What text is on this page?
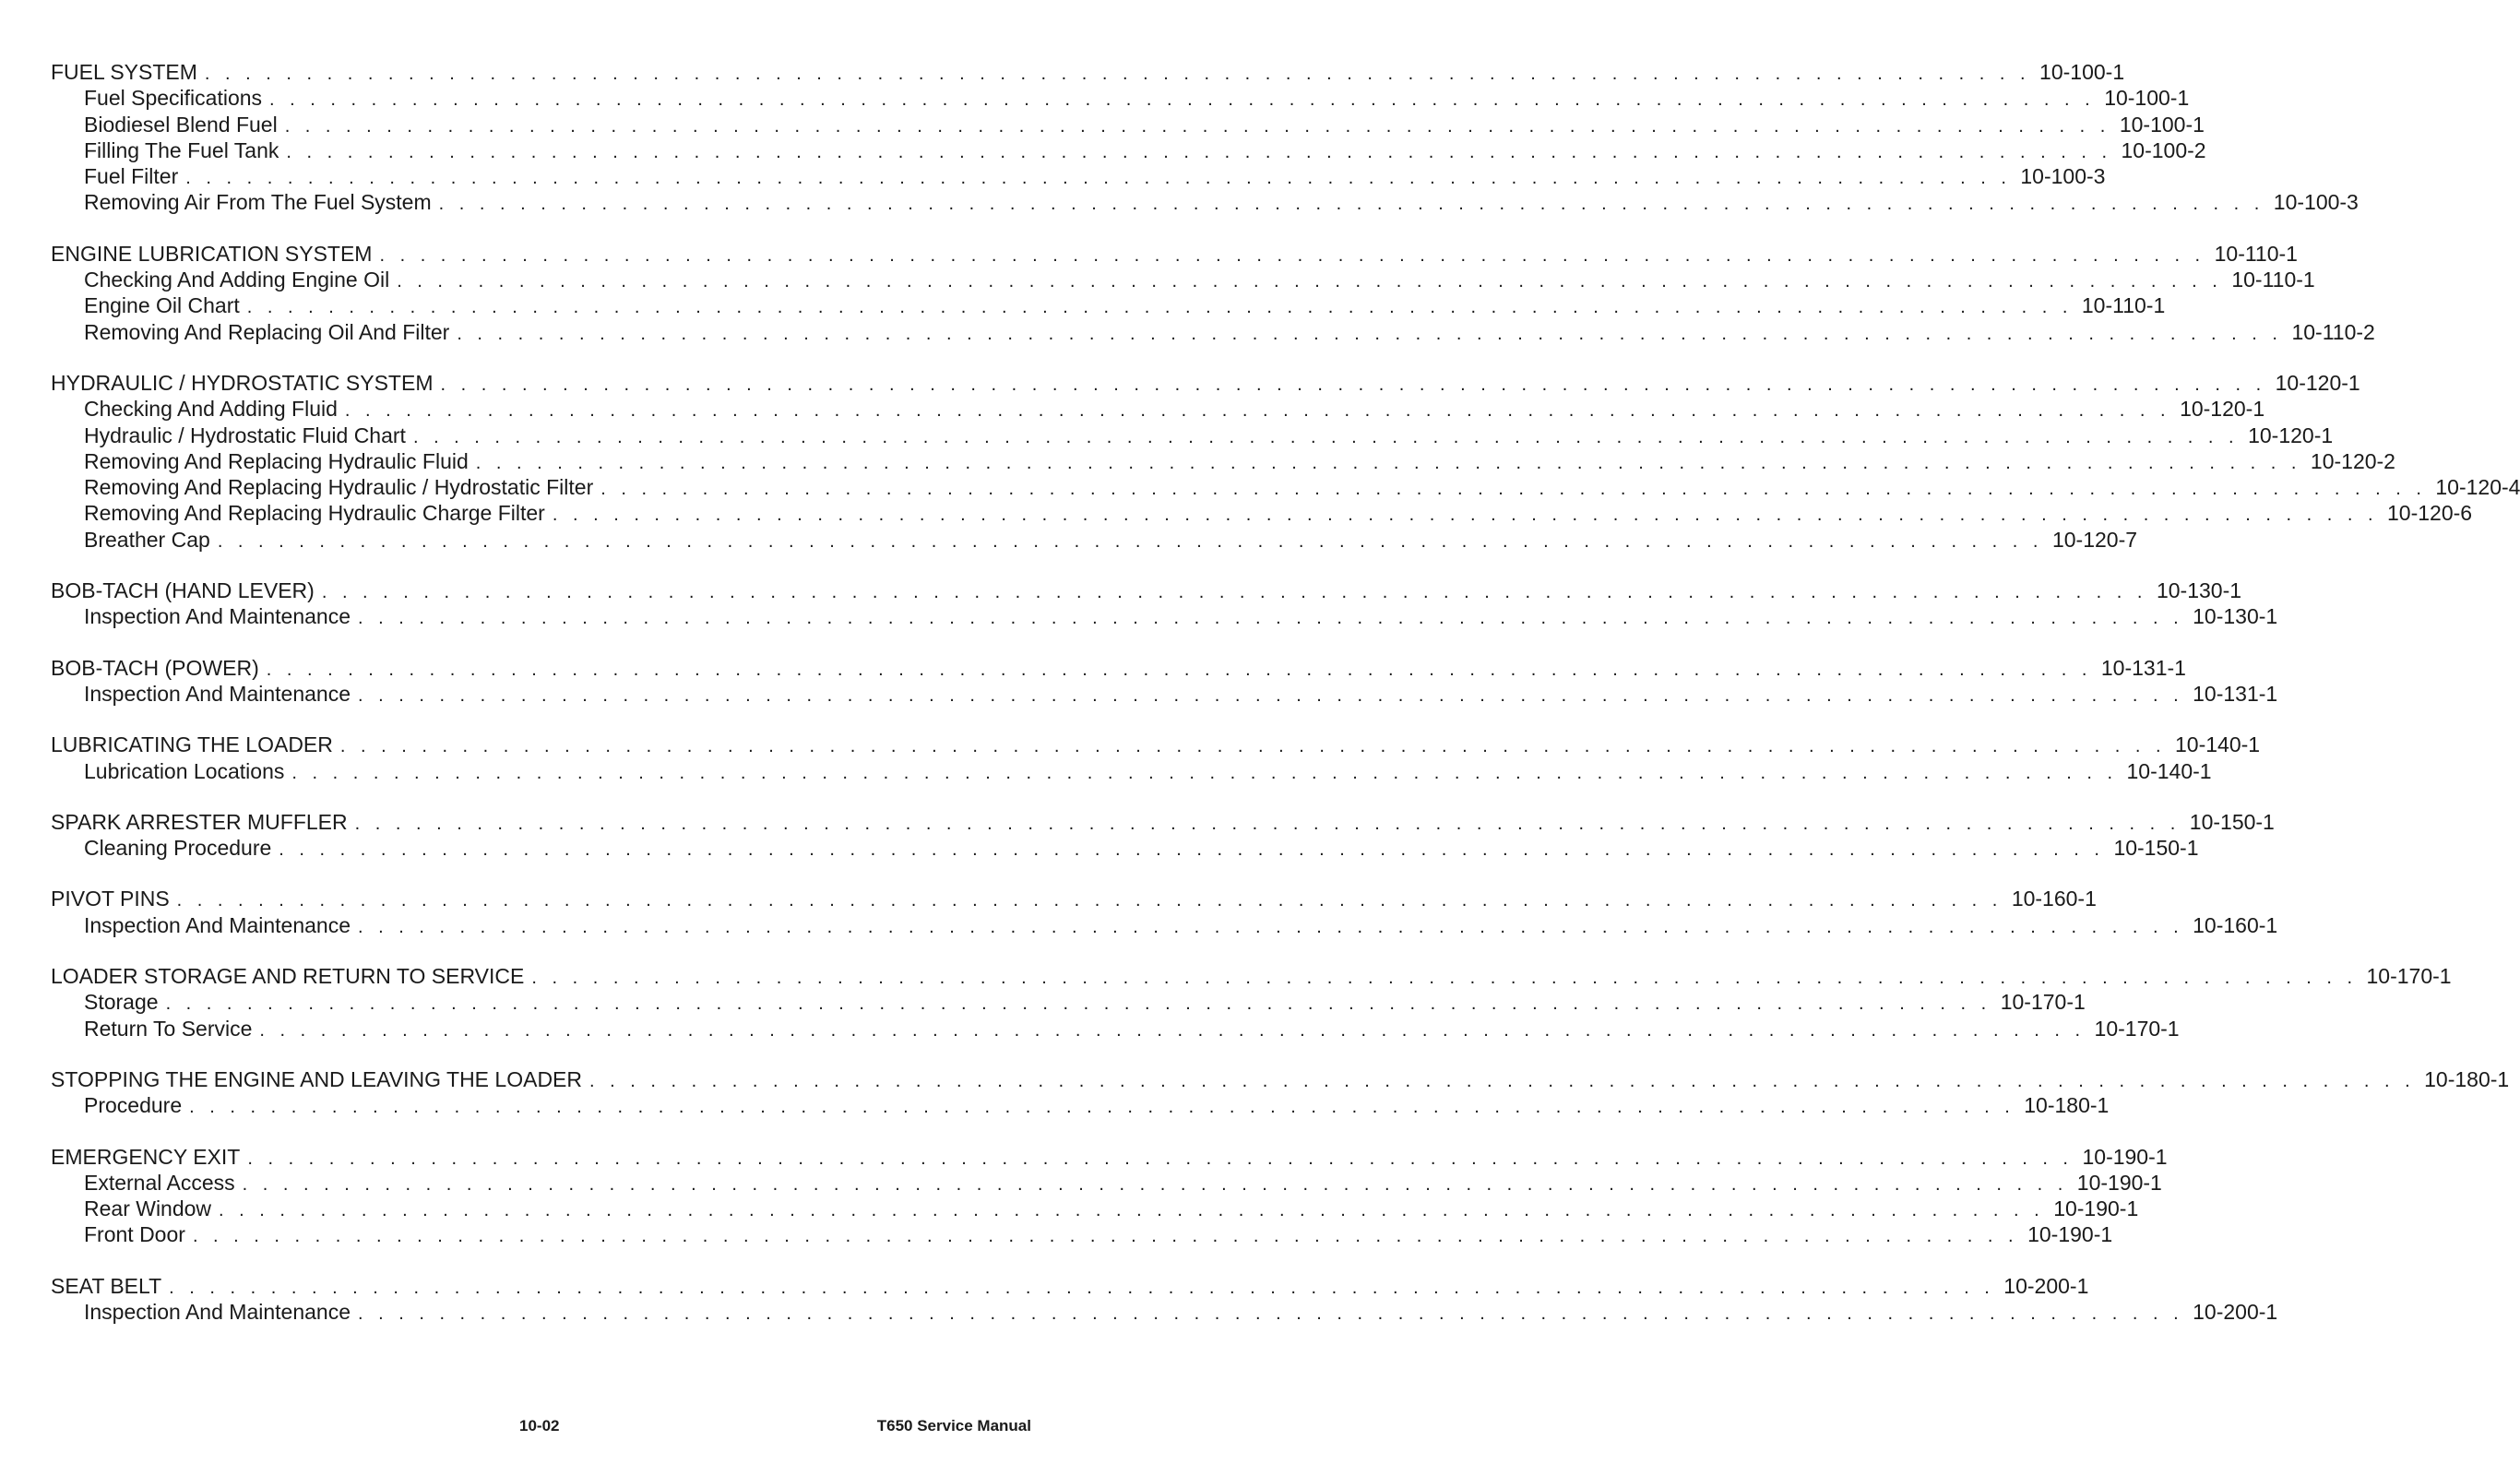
FUEL SYSTEM . . . . . . . . . . . . . . . . . . . . . . . . . . . . . . . . . . . . . . . . . . . . . . . . . . . . . . . . . . . . . . . . . . . . . . . . . . . . . . . . . . . . . . . . . . 10-100-1
Fuel Specifications . . . . . . . . . . . . . . . . . . . . . . . . . . . . . . . . . . . . . . . . . . . . . . . . . . . . . . . . . . . . . . . . . . . . . . . . . . . . . . . . . . . . . . . . . . 10-100-1
Biodiesel Blend Fuel . . . . . . . . . . . . . . . . . . . . . . . . . . . . . . . . . . . . . . . . . . . . . . . . . . . . . . . . . . . . . . . . . . . . . . . . . . . . . . . . . . . . . . . . . . 10-100-1
Filling The Fuel Tank . . . . . . . . . . . . . . . . . . . . . . . . . . . . . . . . . . . . . . . . . . . . . . . . . . . . . . . . . . . . . . . . . . . . . . . . . . . . . . . . . . . . . . . . . . 10-100-2
Fuel Filter . . . . . . . . . . . . . . . . . . . . . . . . . . . . . . . . . . . . . . . . . . . . . . . . . . . . . . . . . . . . . . . . . . . . . . . . . . . . . . . . . . . . . . . . . . 10-100-3
Removing Air From The Fuel System . . . . . . . . . . . . . . . . . . . . . . . . . . . . . . . . . . . . . . . . . . . . . . . . . . . . . . . . . . . . . . . . . . . . . . . . . . . . . . . . . . . . . . . . . . 10-100-3
ENGINE LUBRICATION SYSTEM . . . . . . . . . . . . . . . . . . . . . . . . . . . . . . . . . . . . . . . . . . . . . . . . . . . . . . . . . . . . . . . . . . . . . . . . . . . . . . . . . . . . . . . . . . 10-110-1
Checking And Adding Engine Oil . . . . . . . . . . . . . . . . . . . . . . . . . . . . . . . . . . . . . . . . . . . . . . . . . . . . . . . . . . . . . . . . . . . . . . . . . . . . . . . . . . . . . . . . . . 10-110-1
Engine Oil Chart . . . . . . . . . . . . . . . . . . . . . . . . . . . . . . . . . . . . . . . . . . . . . . . . . . . . . . . . . . . . . . . . . . . . . . . . . . . . . . . . . . . . . . . . . . 10-110-1
Removing And Replacing Oil And Filter . . . . . . . . . . . . . . . . . . . . . . . . . . . . . . . . . . . . . . . . . . . . . . . . . . . . . . . . . . . . . . . . . . . . . . . . . . . . . . . . . . . . . . . . . . 10-110-2
HYDRAULIC / HYDROSTATIC SYSTEM . . . . . . . . . . . . . . . . . . . . . . . . . . . . . . . . . . . . . . . . . . . . . . . . . . . . . . . . . . . . . . . . . . . . . . . . . . . . . . . . . . . . . . . . . . 10-120-1
Checking And Adding Fluid . . . . . . . . . . . . . . . . . . . . . . . . . . . . . . . . . . . . . . . . . . . . . . . . . . . . . . . . . . . . . . . . . . . . . . . . . . . . . . . . . . . . . . . . . . 10-120-1
Hydraulic / Hydrostatic Fluid Chart . . . . . . . . . . . . . . . . . . . . . . . . . . . . . . . . . . . . . . . . . . . . . . . . . . . . . . . . . . . . . . . . . . . . . . . . . . . . . . . . . . . . . . . . . . 10-120-1
Removing And Replacing Hydraulic Fluid . . . . . . . . . . . . . . . . . . . . . . . . . . . . . . . . . . . . . . . . . . . . . . . . . . . . . . . . . . . . . . . . . . . . . . . . . . . . . . . . . . . . . . . . . . 10-120-2
Removing And Replacing Hydraulic / Hydrostatic Filter . . . . . . . . . . . . . . . . . . . . . . . . . . . . . . . . . . . . . . . . . . . . . . . . . . . . . . . . . . . . . . . . . . . . . . . . . . . . . . . . . . . . . . . . . . 10-120-4
Removing And Replacing Hydraulic Charge Filter . . . . . . . . . . . . . . . . . . . . . . . . . . . . . . . . . . . . . . . . . . . . . . . . . . . . . . . . . . . . . . . . . . . . . . . . . . . . . . . . . . . . . . . . . . 10-120-6
Breather Cap . . . . . . . . . . . . . . . . . . . . . . . . . . . . . . . . . . . . . . . . . . . . . . . . . . . . . . . . . . . . . . . . . . . . . . . . . . . . . . . . . . . . . . . . . . 10-120-7
BOB-TACH (HAND LEVER) . . . . . . . . . . . . . . . . . . . . . . . . . . . . . . . . . . . . . . . . . . . . . . . . . . . . . . . . . . . . . . . . . . . . . . . . . . . . . . . . . . . . . . . . . . 10-130-1
Inspection And Maintenance . . . . . . . . . . . . . . . . . . . . . . . . . . . . . . . . . . . . . . . . . . . . . . . . . . . . . . . . . . . . . . . . . . . . . . . . . . . . . . . . . . . . . . . . . . 10-130-1
BOB-TACH (POWER) . . . . . . . . . . . . . . . . . . . . . . . . . . . . . . . . . . . . . . . . . . . . . . . . . . . . . . . . . . . . . . . . . . . . . . . . . . . . . . . . . . . . . . . . . . 10-131-1
Inspection And Maintenance . . . . . . . . . . . . . . . . . . . . . . . . . . . . . . . . . . . . . . . . . . . . . . . . . . . . . . . . . . . . . . . . . . . . . . . . . . . . . . . . . . . . . . . . . . 10-131-1
LUBRICATING THE LOADER . . . . . . . . . . . . . . . . . . . . . . . . . . . . . . . . . . . . . . . . . . . . . . . . . . . . . . . . . . . . . . . . . . . . . . . . . . . . . . . . . . . . . . . . . . 10-140-1
Lubrication Locations . . . . . . . . . . . . . . . . . . . . . . . . . . . . . . . . . . . . . . . . . . . . . . . . . . . . . . . . . . . . . . . . . . . . . . . . . . . . . . . . . . . . . . . . . . 10-140-1
SPARK ARRESTER MUFFLER . . . . . . . . . . . . . . . . . . . . . . . . . . . . . . . . . . . . . . . . . . . . . . . . . . . . . . . . . . . . . . . . . . . . . . . . . . . . . . . . . . . . . . . . . . 10-150-1
Cleaning Procedure . . . . . . . . . . . . . . . . . . . . . . . . . . . . . . . . . . . . . . . . . . . . . . . . . . . . . . . . . . . . . . . . . . . . . . . . . . . . . . . . . . . . . . . . . . 10-150-1
PIVOT PINS . . . . . . . . . . . . . . . . . . . . . . . . . . . . . . . . . . . . . . . . . . . . . . . . . . . . . . . . . . . . . . . . . . . . . . . . . . . . . . . . . . . . . . . . . . 10-160-1
Inspection And Maintenance . . . . . . . . . . . . . . . . . . . . . . . . . . . . . . . . . . . . . . . . . . . . . . . . . . . . . . . . . . . . . . . . . . . . . . . . . . . . . . . . . . . . . . . . . . 10-160-1
LOADER STORAGE AND RETURN TO SERVICE . . . . . . . . . . . . . . . . . . . . . . . . . . . . . . . . . . . . . . . . . . . . . . . . . . . . . . . . . . . . . . . . . . . . . . . . . . . . . . . . . . . . . . . . . . 10-170-1
Storage . . . . . . . . . . . . . . . . . . . . . . . . . . . . . . . . . . . . . . . . . . . . . . . . . . . . . . . . . . . . . . . . . . . . . . . . . . . . . . . . . . . . . . . . . . 10-170-1
Return To Service . . . . . . . . . . . . . . . . . . . . . . . . . . . . . . . . . . . . . . . . . . . . . . . . . . . . . . . . . . . . . . . . . . . . . . . . . . . . . . . . . . . . . . . . . . 10-170-1
STOPPING THE ENGINE AND LEAVING THE LOADER . . . . . . . . . . . . . . . . . . . . . . . . . . . . . . . . . . . . . . . . . . . . . . . . . . . . . . . . . . . . . . . . . . . . . . . . . . . . . . . . . . . . . . . . . . 10-180-1
Procedure . . . . . . . . . . . . . . . . . . . . . . . . . . . . . . . . . . . . . . . . . . . . . . . . . . . . . . . . . . . . . . . . . . . . . . . . . . . . . . . . . . . . . . . . . . 10-180-1
EMERGENCY EXIT . . . . . . . . . . . . . . . . . . . . . . . . . . . . . . . . . . . . . . . . . . . . . . . . . . . . . . . . . . . . . . . . . . . . . . . . . . . . . . . . . . . . . . . . . . 10-190-1
External Access . . . . . . . . . . . . . . . . . . . . . . . . . . . . . . . . . . . . . . . . . . . . . . . . . . . . . . . . . . . . . . . . . . . . . . . . . . . . . . . . . . . . . . . . . . 10-190-1
Rear Window . . . . . . . . . . . . . . . . . . . . . . . . . . . . . . . . . . . . . . . . . . . . . . . . . . . . . . . . . . . . . . . . . . . . . . . . . . . . . . . . . . . . . . . . . . 10-190-1
Front Door . . . . . . . . . . . . . . . . . . . . . . . . . . . . . . . . . . . . . . . . . . . . . . . . . . . . . . . . . . . . . . . . . . . . . . . . . . . . . . . . . . . . . . . . . . 10-190-1
SEAT BELT . . . . . . . . . . . . . . . . . . . . . . . . . . . . . . . . . . . . . . . . . . . . . . . . . . . . . . . . . . . . . . . . . . . . . . . . . . . . . . . . . . . . . . . . . . 10-200-1
Inspection And Maintenance . . . . . . . . . . . . . . . . . . . . . . . . . . . . . . . . . . . . . . . . . . . . . . . . . . . . . . . . . . . . . . . . . . . . . . . . . . . . . . . . . . . . . . . . . . 10-200-1
10-02	T650 Service Manual
